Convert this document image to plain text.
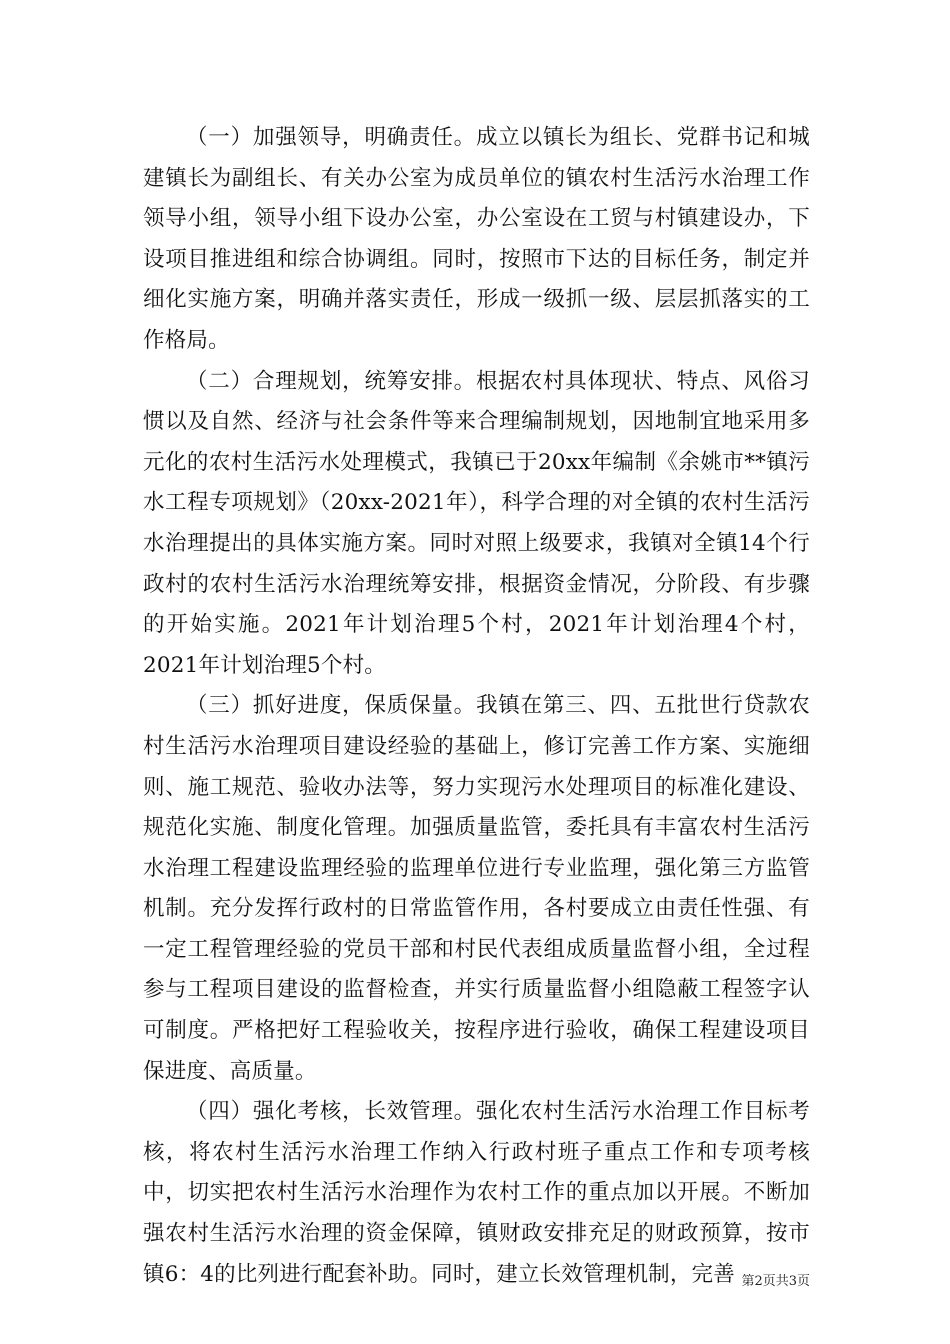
（一）加强领导，明确责任。成立以镇长为组长、党群书记和城建镇长为副组长、有关办公室为成员单位的镇农村生活污水治理工作领导小组，领导小组下设办公室，办公室设在工贸与村镇建设办，下设项目推进组和综合协调组。同时，按照市下达的目标任务，制定并细化实施方案，明确并落实责任，形成一级抓一级、层层抓落实的工作格局。

（二）合理规划，统筹安排。根据农村具体现状、特点、风俗习惯以及自然、经济与社会条件等来合理编制规划，因地制宜地采用多元化的农村生活污水处理模式，我镇已于20xx年编制《余姚市**镇污水工程专项规划》（20xx-2021年），科学合理的对全镇的农村生活污水治理提出的具体实施方案。同时对照上级要求，我镇对全镇14个行政村的农村生活污水治理统筹安排，根据资金情况，分阶段、有步骤的开始实施。2021年计划治理5个村，2021年计划治理4个村，2021年计划治理5个村。

（三）抓好进度，保质保量。我镇在第三、四、五批世行贷款农村生活污水治理项目建设经验的基础上，修订完善工作方案、实施细则、施工规范、验收办法等，努力实现污水处理项目的标准化建设、规范化实施、制度化管理。加强质量监管，委托具有丰富农村生活污水治理工程建设监理经验的监理单位进行专业监理，强化第三方监管机制。充分发挥行政村的日常监管作用，各村要成立由责任性强、有一定工程管理经验的党员干部和村民代表组成质量监督小组，全过程参与工程项目建设的监督检查，并实行质量监督小组隐蔽工程签字认可制度。严格把好工程验收关，按程序进行验收，确保工程建设项目保进度、高质量。

（四）强化考核，长效管理。强化农村生活污水治理工作目标考核，将农村生活污水治理工作纳入行政村班子重点工作和专项考核中，切实把农村生活污水治理作为农村工作的重点加以开展。不断加强农村生活污水治理的资金保障，镇财政安排充足的财政预算，按市镇6：4的比列进行配套补助。同时，建立长效管理机制，完善 第2页共3页
